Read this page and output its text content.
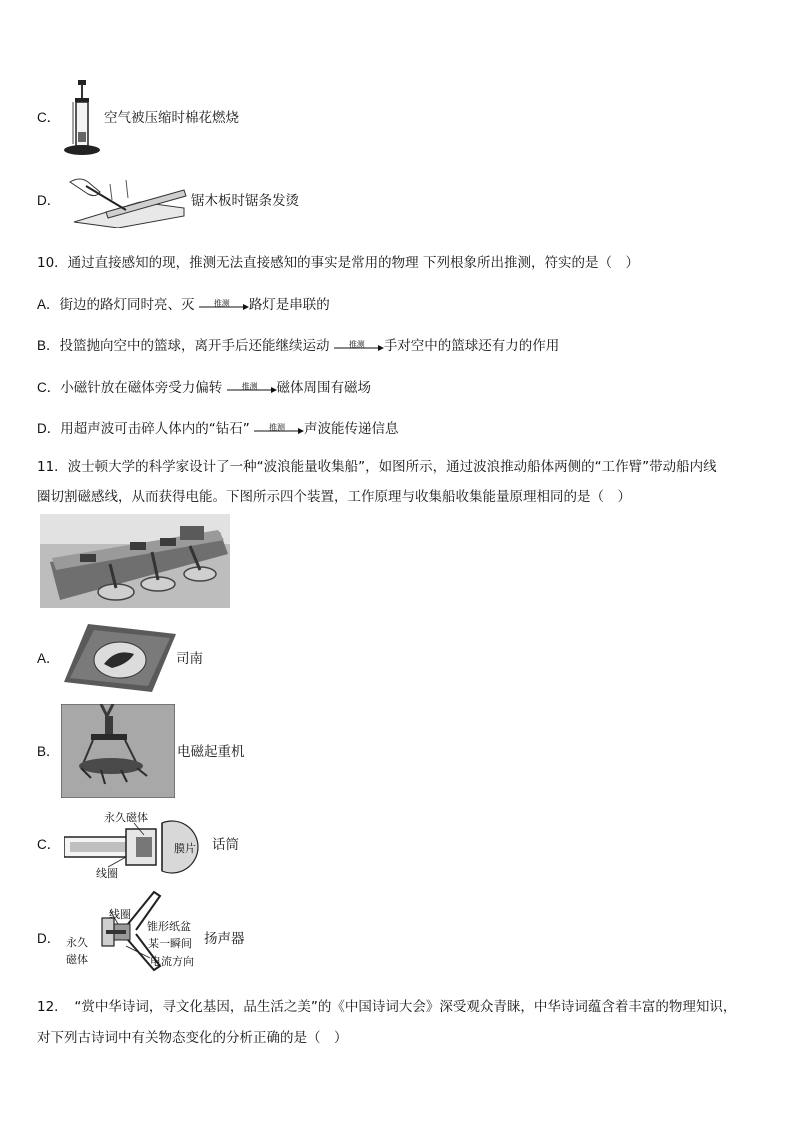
C．	空气被压缩时棉花燃烧
D．	锯木板时锯条发烫
10．通过直接感知的现，推测无法直接感知的事实是常用的物理 下列根象所出推测，符实的是（　）
A．街边的路灯同时亮、灭	推测	路灯是串联的
B．投篮抛向空中的篮球，离开手后还能继续运动	推测	手对空中的篮球还有力的作用
C．小磁针放在磁体旁受力偏转	推测	磁体周围有磁场
D．用超声波可击碎人体内的“钻石”	推测	声波能传递信息
11．波士顿大学的科学家设计了一种“波浪能量收集船”，如图所示，通过波浪推动船体两侧的“工作臂”带动船内线
圈切割磁感线，从而获得电能。下图所示四个装置，工作原理与收集船收集能量原理相同的是（　）
A．	司南
B．	电磁起重机
C．
永久磁体
线圈
膜片 话筒
D．
线圈
锥形纸盆
某一瞬间
电流方向
永久
磁体
扬声器
12．　“赏中华诗词，寻文化基因，品生活之美”的《中国诗词大会》深受观众青睐，中华诗词蕴含着丰富的物理知识，
对下列古诗词中有关物态变化的分析正确的是（　）
